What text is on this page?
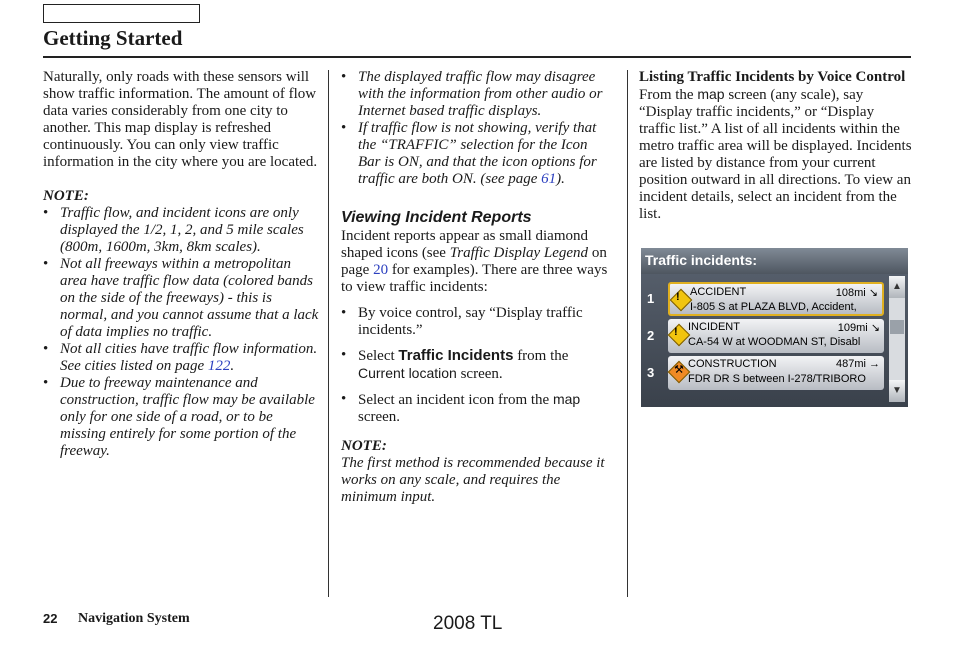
Getting Started

Naturally, only roads with these sensors will show traffic information. The amount of flow data varies considerably from one city to another. This map display is refreshed continuously. You can only view traffic information in the city where you are located.

NOTE:

• Traffic flow, and incident icons are only displayed the 1/2, 1, 2, and 5 mile scales (800m, 1600m, 3km, 8km scales).
• Not all freeways within a metropolitan area have traffic flow data (colored bands on the side of the freeways) - this is normal, and you cannot assume that a lack of data implies no traffic.
• Not all cities have traffic flow information. See cities listed on page 122.
• Due to freeway maintenance and construction, traffic flow may be available only for one side of a road, or to be missing entirely for some portion of the freeway.
• The displayed traffic flow may disagree with the information from other audio or Internet based traffic displays.
• If traffic flow is not showing, verify that the “TRAFFIC” selection for the Icon Bar is ON, and that the icon options for traffic are both ON. (see page 61).

Viewing Incident Reports

Incident reports appear as small diamond shaped icons (see Traffic Display Legend on page 20 for examples). There are three ways to view traffic incidents:

• By voice control, say “Display traffic incidents.”
• Select Traffic Incidents from the Current location screen.
• Select an incident icon from the map screen.

NOTE:

The first method is recommended because it works on any scale, and requires the minimum input.

Listing Traffic Incidents by Voice Control

From the map screen (any scale), say “Display traffic incidents,” or “Display traffic list.” A list of all incidents within the metro traffic area will be displayed. Incidents are listed by distance from your current position outward in all directions. To view an incident details, select an incident from the list.

Traffic incidents:
1 ! ACCIDENT	108mi ↘
I-805 S at PLAZA BLVD, Accident,
2 ! INCIDENT	109mi ↘
CA-54 W at WOODMAN ST, Disabl
3 ⚒ CONSTRUCTION	487mi →
FDR DR S between I-278/TRIBORO
▲
▼
22 Navigation System	2008 TL
